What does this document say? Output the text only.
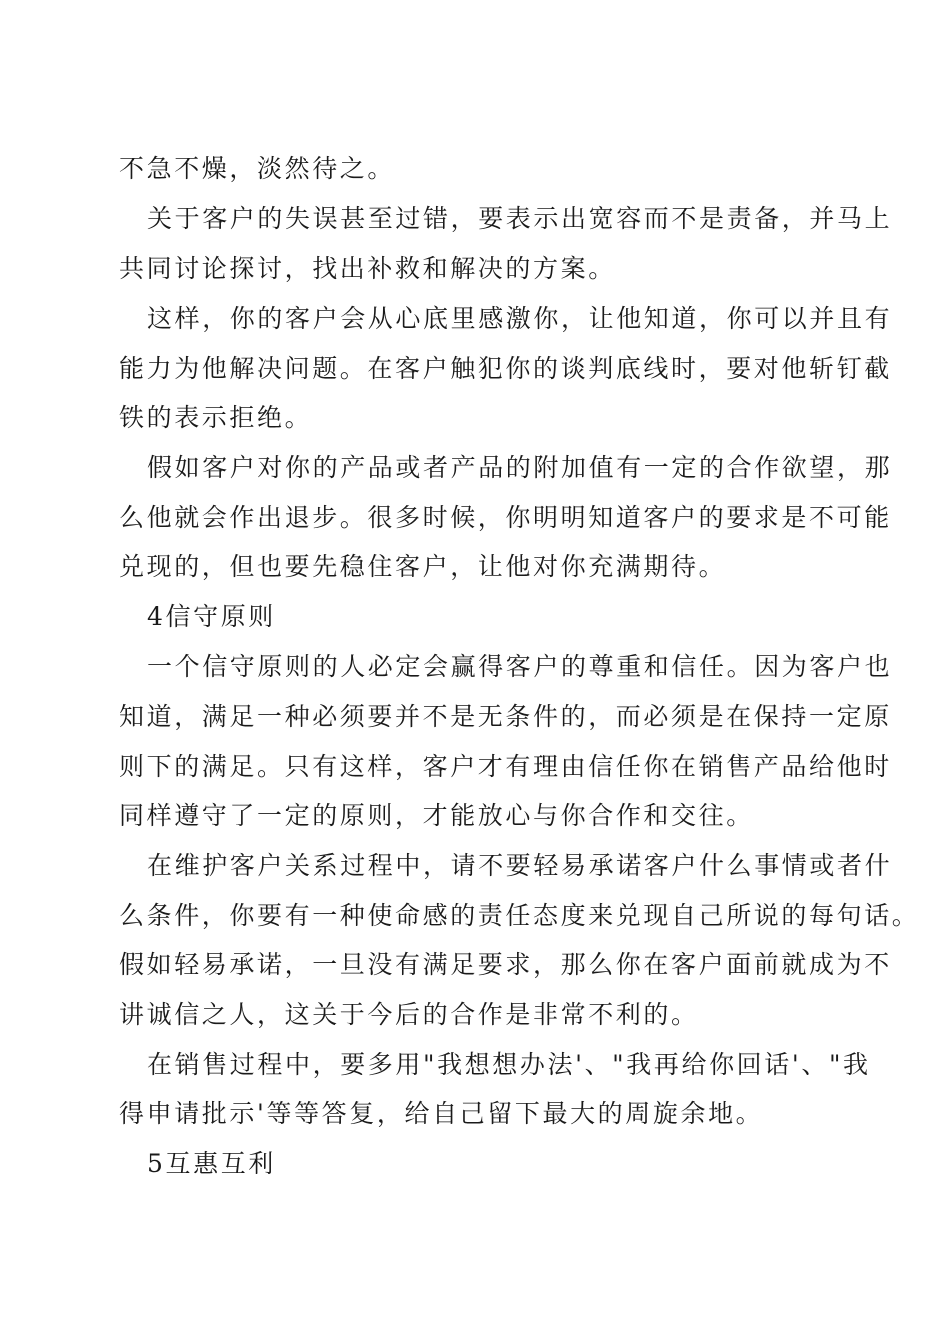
不急不燥，淡然待之。

关于客户的失误甚至过错，要表示出宽容而不是责备，并马上

共同讨论探讨，找出补救和解决的方案。

这样，你的客户会从心底里感激你，让他知道，你可以并且有

能力为他解决问题。在客户触犯你的谈判底线时，要对他斩钉截

铁的表示拒绝。

假如客户对你的产品或者产品的附加值有一定的合作欲望，那

么他就会作出退步。很多时候，你明明知道客户的要求是不可能

兑现的，但也要先稳住客户，让他对你充满期待。

4信守原则

一个信守原则的人必定会赢得客户的尊重和信任。因为客户也

知道，满足一种必须要并不是无条件的，而必须是在保持一定原

则下的满足。只有这样，客户才有理由信任你在销售产品给他时

同样遵守了一定的原则，才能放心与你合作和交往。

在维护客户关系过程中，请不要轻易承诺客户什么事情或者什

么条件，你要有一种使命感的责任态度来兑现自己所说的每句话。

假如轻易承诺，一旦没有满足要求，那么你在客户面前就成为不

讲诚信之人，这关于今后的合作是非常不利的。

在销售过程中，要多用"我想想办法'、"我再给你回话'、"我

得申请批示'等等答复，给自己留下最大的周旋余地。

5互惠互利
